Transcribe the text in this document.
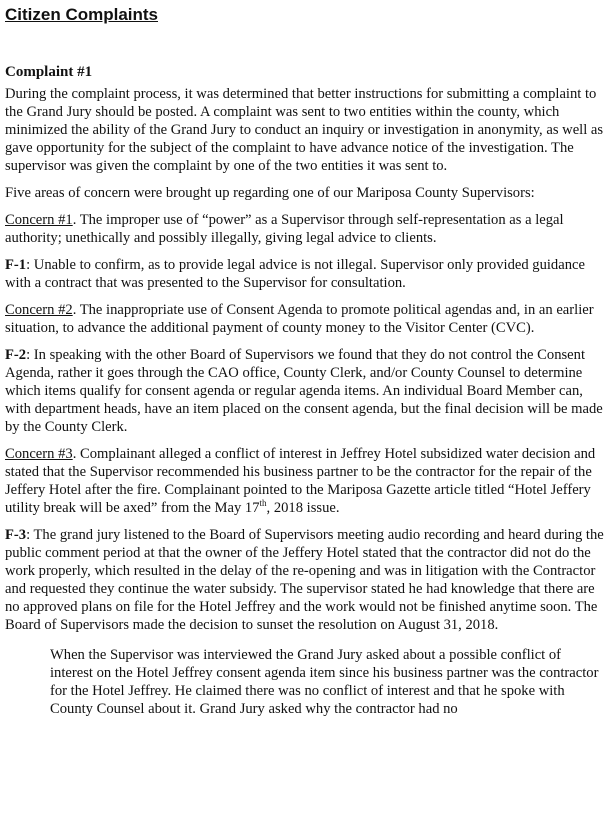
Citizen Complaints
Complaint #1

During the complaint process, it was determined that better instructions for submitting a complaint to the Grand Jury should be posted. A complaint was sent to two entities within the county, which minimized the ability of the Grand Jury to conduct an inquiry or investigation in anonymity, as well as gave opportunity for the subject of the complaint to have advance notice of the investigation. The supervisor was given the complaint by one of the two entities it was sent to.

Five areas of concern were brought up regarding one of our Mariposa County Supervisors:

Concern #1. The improper use of “power” as a Supervisor through self-representation as a legal authority; unethically and possibly illegally, giving legal advice to clients.

F-1: Unable to confirm, as to provide legal advice is not illegal. Supervisor only provided guidance with a contract that was presented to the Supervisor for consultation.

Concern #2. The inappropriate use of Consent Agenda to promote political agendas and, in an earlier situation, to advance the additional payment of county money to the Visitor Center (CVC).

F-2: In speaking with the other Board of Supervisors we found that they do not control the Consent Agenda, rather it goes through the CAO office, County Clerk, and/or County Counsel to determine which items qualify for consent agenda or regular agenda items. An individual Board Member can, with department heads, have an item placed on the consent agenda, but the final decision will be made by the County Clerk.

Concern #3. Complainant alleged a conflict of interest in Jeffrey Hotel subsidized water decision and stated that the Supervisor recommended his business partner to be the contractor for the repair of the Jeffery Hotel after the fire. Complainant pointed to the Mariposa Gazette article titled “Hotel Jeffery utility break will be axed” from the May 17th, 2018 issue.

F-3: The grand jury listened to the Board of Supervisors meeting audio recording and heard during the public comment period at that the owner of the Jeffery Hotel stated that the contractor did not do the work properly, which resulted in the delay of the re-opening and was in litigation with the Contractor and requested they continue the water subsidy. The supervisor stated he had knowledge that there are no approved plans on file for the Hotel Jeffrey and the work would not be finished anytime soon. The Board of Supervisors made the decision to sunset the resolution on August 31, 2018.

When the Supervisor was interviewed the Grand Jury asked about a possible conflict of interest on the Hotel Jeffrey consent agenda item since his business partner was the contractor for the Hotel Jeffrey. He claimed there was no conflict of interest and that he spoke with County Counsel about it. Grand Jury asked why the contractor had no
